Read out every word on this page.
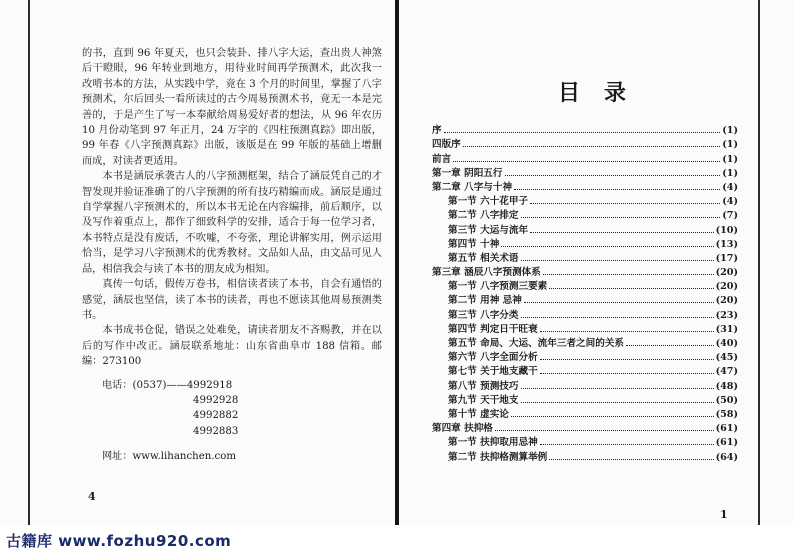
的书，直到 96 年夏天，也只会装卦、排八字大运，查出贵人神煞后干瞪眼，96 年转业到地方，用待业时间再学预测术，此次我一改啃书本的方法，从实践中学，竟在 3 个月的时间里，掌握了八字预测术，尔后回头一看所读过的古今周易预测术书，竟无一本是完善的，于是产生了写一本奉献给周易爱好者的想法，从 96 年农历 10 月份动笔到 97 年正月，24 万字的《四柱预测真踪》即出版，99 年春《八字预测真踪》出版，该版是在 99 年版的基础上增删而成，对读者更适用。

本书是涵辰承袭古人的八字预测框架，结合了涵辰凭自己的才智发现并验证准确了的八字预测的所有技巧精编而成。涵辰是通过自学掌握八字预测术的，所以本书无论在内容编排，前后顺序，以及写作着重点上，都作了细致科学的安排，适合于每一位学习者，本书特点是没有废话，不吹嘘，不夸张，理论讲解实用，例示运用恰当，是学习八字预测术的优秀教材。文品如人品，由文品可见人品，相信我会与读了本书的朋友成为相知。

真传一句话，假传万卷书，相信读者读了本书，自会有通悟的感觉，涵辰也坚信，读了本书的读者，再也不愿读其他周易预测类书。

本书成书仓促，错误之处难免，请读者朋友不吝赐教，并在以后的写作中改正。涵辰联系地址：山东省曲阜市 188 信箱。邮编：273100

电话：(0537)——4992918
4992928
4992882
4992883
网址：www.lihanchen.com
4
目录
序	(1)
四版序	(1)
前言	(1)
第一章 阴阳五行	(1)
第二章 八字与十神	(4)
第一节 六十花甲子	(4)
第二节 八字排定	(7)
第三节 大运与流年	(10)
第四节 十神	(13)
第五节 相关术语	(17)
第三章 涵辰八字预测体系	(20)
第一节 八字预测三要素	(20)
第二节 用神 忌神	(20)
第三节 八字分类	(23)
第四节 判定日干旺衰	(31)
第五节 命局、大运、流年三者之间的关系	(40)
第六节 八字全面分析	(45)
第七节 关于地支藏干	(47)
第八节 预测技巧	(48)
第九节 天干地支	(50)
第十节 虚实论	(58)
第四章 扶抑格	(61)
第一节 扶抑取用忌神	(61)
第二节 扶抑格测算举例	(64)
1
古籍库 www.fozhu920.com
